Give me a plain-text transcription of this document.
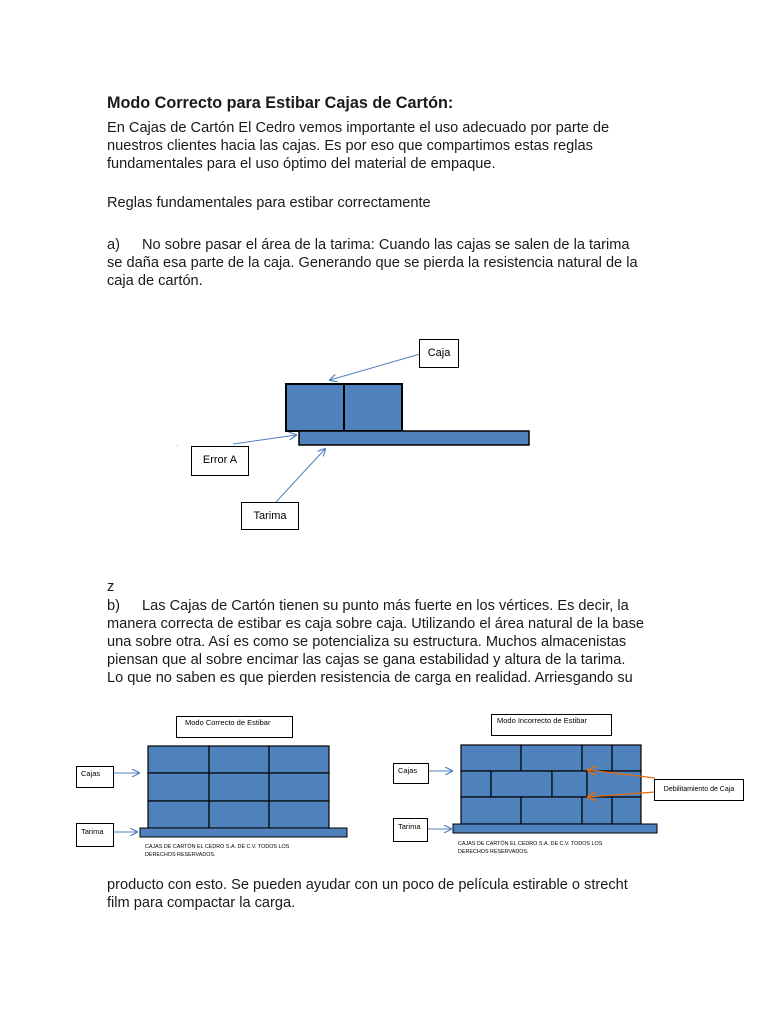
Modo Correcto para Estibar Cajas de Cartón:
En Cajas de Cartón El Cedro vemos importante el uso adecuado por parte de
nuestros clientes hacia las cajas. Es por eso que compartimos estas reglas
fundamentales para el uso óptimo del material de empaque.
Reglas fundamentales para estibar correctamente
a) No sobre pasar el área de la tarima: Cuando las cajas se salen de la tarima
se daña esa parte de la caja. Generando que se pierda la resistencia natural de la
caja de cartón.
.
Caja
Error A
Tarima
Modo Correcto de Estibar
Cajas
Tarima
CAJAS DE CARTÓN EL CEDRO S.A. DE C.V. TODOS LOS
DERECHOS RESERVADOS.
Modo Incorrecto de Estibar
Cajas
Tarima
Debilitamiento de Caja
CAJAS DE CARTÓN EL CEDRO S.A. DE C.V. TODOS LOS
DERECHOS RESERVADOS.
z
b) Las Cajas de Cartón tienen su punto más fuerte en los vértices. Es decir, la
manera correcta de estibar es caja sobre caja. Utilizando el área natural de la base
una sobre otra. Así es como se potencializa su estructura. Muchos almacenistas
piensan que al sobre encimar las cajas se gana estabilidad y altura de la tarima.
Lo que no saben es que pierden resistencia de carga en realidad. Arriesgando su
producto con esto. Se pueden ayudar con un poco de película estirable o strecht
film para compactar la carga.
